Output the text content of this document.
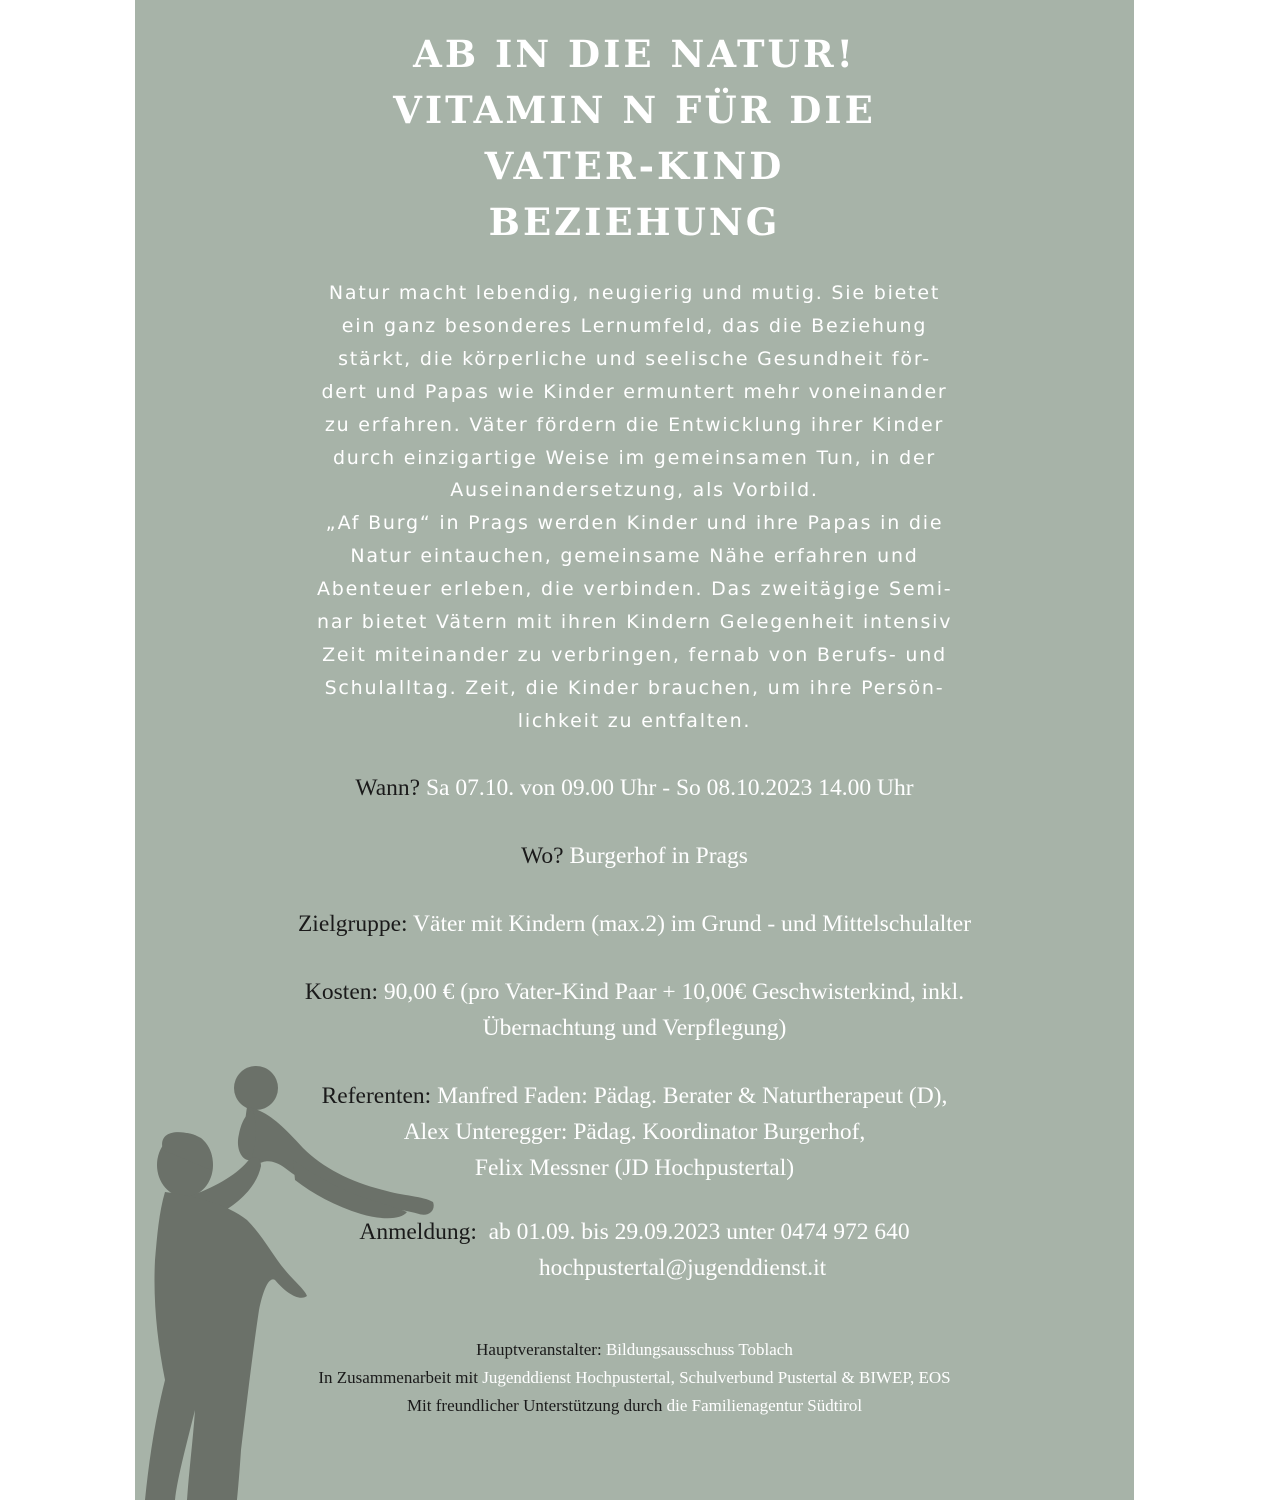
AB IN DIE NATUR!
VITAMIN N FÜR DIE
VATER-KIND
BEZIEHUNG
Natur macht lebendig, neugierig und mutig. Sie bietet
ein ganz besonderes Lernumfeld, das die Beziehung
stärkt, die körperliche und seelische Gesundheit för-
dert und Papas wie Kinder ermuntert mehr voneinander
zu erfahren. Väter fördern die Entwicklung ihrer Kinder
durch einzigartige Weise im gemeinsamen Tun, in der
Auseinandersetzung, als Vorbild.
„Af Burg“ in Prags werden Kinder und ihre Papas in die
Natur eintauchen, gemeinsame Nähe erfahren und
Abenteuer erleben, die verbinden. Das zweitägige Semi-
nar bietet Vätern mit ihren Kindern Gelegenheit intensiv
Zeit miteinander zu verbringen, fernab von Berufs- und
Schulalltag. Zeit, die Kinder brauchen, um ihre Persön-
lichkeit zu entfalten.
Wann? Sa 07.10. von 09.00 Uhr - So 08.10.2023 14.00 Uhr
Wo? Burgerhof in Prags
Zielgruppe: Väter mit Kindern (max.2) im Grund - und Mittelschulalter
Kosten: 90,00 € (pro Vater-Kind Paar + 10,00€ Geschwisterkind, inkl.
Übernachtung und Verpflegung)
Referenten: Manfred Faden: Pädag. Berater & Naturtherapeut (D),
Alex Unteregger: Pädag. Koordinator Burgerhof,
Felix Messner (JD Hochpustertal)
Anmeldung:  ab 01.09. bis 29.09.2023 unter 0474 972 640
hochpustertal@jugenddienst.it
Hauptveranstalter: Bildungsausschuss Toblach
In Zusammenarbeit mit Jugenddienst Hochpustertal, Schulverbund Pustertal & BIWEP, EOS
Mit freundlicher Unterstützung durch die Familienagentur Südtirol
